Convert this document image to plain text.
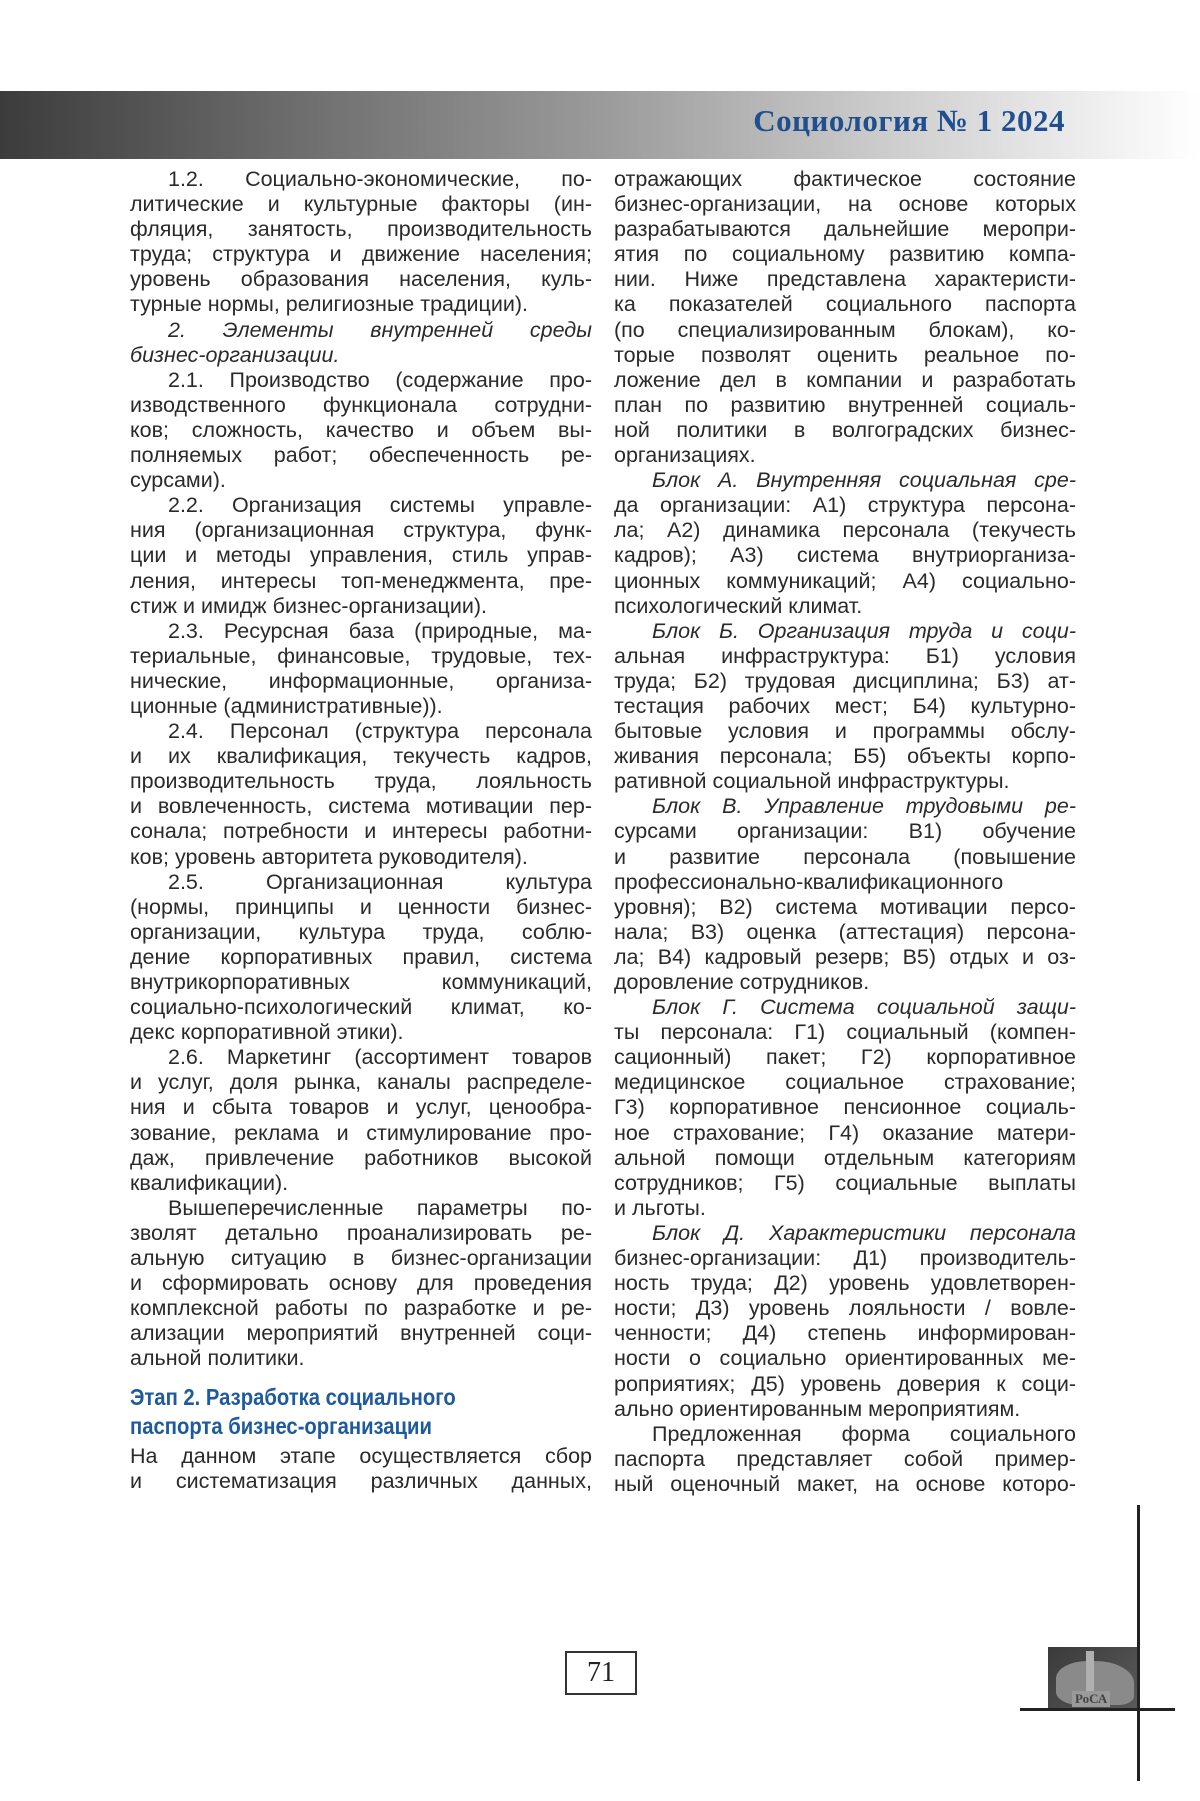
Социология № 1 2024
1.2. Социально-экономические, по-
литические и культурные факторы (ин-
фляция, занятость, производительность
труда; структура и движение населения;
уровень образования населения, куль-
турные нормы, религиозные традиции).
2. Элементы внутренней среды
бизнес-организации.
2.1. Производство (содержание про-
изводственного функционала сотрудни-
ков; сложность, качество и объем вы-
полняемых работ; обеспеченность ре-
сурсами).
2.2. Организация системы управле-
ния (организационная структура, функ-
ции и методы управления, стиль управ-
ления, интересы топ-менеджмента, пре-
стиж и имидж бизнес-организации).
2.3. Ресурсная база (природные, ма-
териальные, финансовые, трудовые, тех-
нические, информационные, организа-
ционные (административные)).
2.4. Персонал (структура персонала
и их квалификация, текучесть кадров,
производительность труда, лояльность
и вовлеченность, система мотивации пер-
сонала; потребности и интересы работни-
ков; уровень авторитета руководителя).
2.5. Организационная культура
(нормы, принципы и ценности бизнес-
организации, культура труда, соблю-
дение корпоративных правил, система
внутрикорпоративных коммуникаций,
социально-психологический климат, ко-
декс корпоративной этики).
2.6. Маркетинг (ассортимент товаров
и услуг, доля рынка, каналы распределе-
ния и сбыта товаров и услуг, ценообра-
зование, реклама и стимулирование про-
даж, привлечение работников высокой
квалификации).
Вышеперечисленные параметры по-
зволят детально проанализировать ре-
альную ситуацию в бизнес-организации
и сформировать основу для проведения
комплексной работы по разработке и ре-
ализации мероприятий внутренней соци-
альной политики.
Этап 2. Разработка социального
паспорта бизнес-организации
На данном этапе осуществляется сбор
и систематизация различных данных,
отражающих фактическое состояние
бизнес-организации, на основе которых
разрабатываются дальнейшие меропри-
ятия по социальному развитию компа-
нии. Ниже представлена характеристи-
ка показателей социального паспорта
(по специализированным блокам), ко-
торые позволят оценить реальное по-
ложение дел в компании и разработать
план по развитию внутренней социаль-
ной политики в волгоградских бизнес-
организациях.
Блок А. Внутренняя социальная сре-
да организации: А1) структура персона-
ла; А2) динамика персонала (текучесть
кадров); А3) система внутриорганиза-
ционных коммуникаций; А4) социально-
психологический климат.
Блок Б. Организация труда и соци-
альная инфраструктура: Б1) условия
труда; Б2) трудовая дисциплина; Б3) ат-
тестация рабочих мест; Б4) культурно-
бытовые условия и программы обслу-
живания персонала; Б5) объекты корпо-
ративной социальной инфраструктуры.
Блок В. Управление трудовыми ре-
сурсами организации: В1) обучение
и развитие персонала (повышение
профессионально-квалификационного
уровня); В2) система мотивации персо-
нала; В3) оценка (аттестация) персона-
ла; В4) кадровый резерв; В5) отдых и оз-
доровление сотрудников.
Блок Г. Система социальной защи-
ты персонала: Г1) социальный (компен-
сационный) пакет; Г2) корпоративное
медицинское социальное страхование;
Г3) корпоративное пенсионное социаль-
ное страхование; Г4) оказание матери-
альной помощи отдельным категориям
сотрудников; Г5) социальные выплаты
и льготы.
Блок Д. Характеристики персонала
бизнес-организации: Д1) производитель-
ность труда; Д2) уровень удовлетворен-
ности; Д3) уровень лояльности / вовле-
ченности; Д4) степень информирован-
ности о социально ориентированных ме-
роприятиях; Д5) уровень доверия к соци-
ально ориентированным мероприятиям.
Предложенная форма социального
паспорта представляет собой пример-
ный оценочный макет, на основе которо-
71
РоСА
